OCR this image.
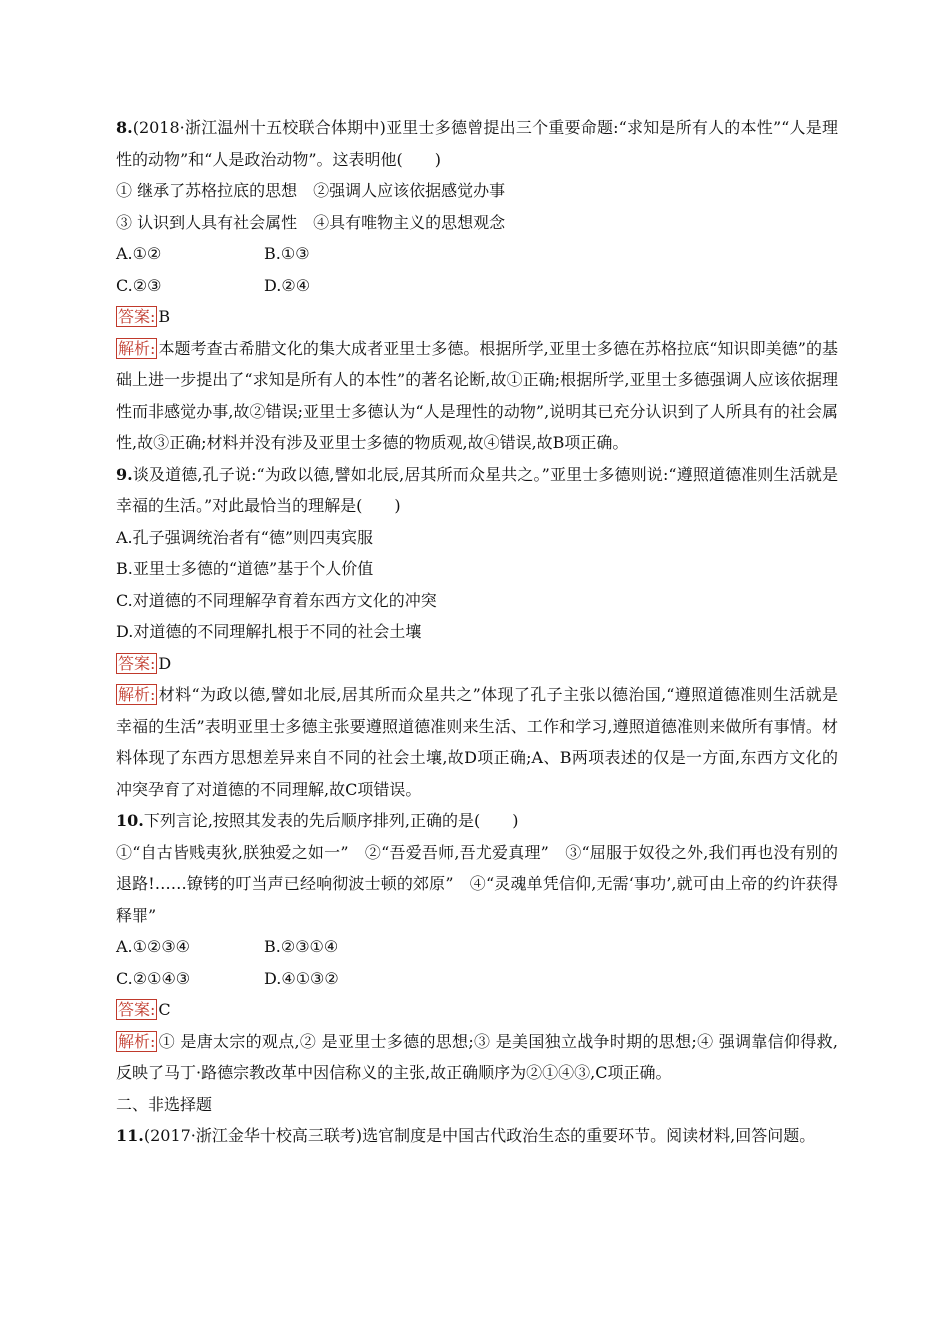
8.(2018·浙江温州十五校联合体期中)亚里士多德曾提出三个重要命题:“求知是所有人的本性”“人是理性的动物”和“人是政治动物”。这表明他(　　)
① 继承了苏格拉底的思想　②强调人应该依据感觉办事
③ 认识到人具有社会属性　④具有唯物主义的思想观念
A.①②	B.①③
C.②③	D.②④
答案: B
解析: 本题考查古希腊文化的集大成者亚里士多德。根据所学,亚里士多德在苏格拉底“知识即美德”的基础上进一步提出了“求知是所有人的本性”的著名论断,故①正确;根据所学,亚里士多德强调人应该依据理性而非感觉办事,故②错误;亚里士多德认为“人是理性的动物”,说明其已充分认识到了人所具有的社会属性,故③正确;材料并没有涉及亚里士多德的物质观,故④错误,故B项正确。
9.谈及道德,孔子说:“为政以德,譬如北辰,居其所而众星共之。”亚里士多德则说:“遵照道德准则生活就是幸福的生活。”对此最恰当的理解是(　　)
A.孔子强调统治者有“德”则四夷宾服
B.亚里士多德的“道德”基于个人价值
C.对道德的不同理解孕育着东西方文化的冲突
D.对道德的不同理解扎根于不同的社会土壤
答案: D
解析: 材料“为政以德,譬如北辰,居其所而众星共之”体现了孔子主张以德治国,“遵照道德准则生活就是幸福的生活”表明亚里士多德主张要遵照道德准则来生活、工作和学习,遵照道德准则来做所有事情。材料体现了东西方思想差异来自不同的社会土壤,故D项正确;A、B两项表述的仅是一方面,东西方文化的冲突孕育了对道德的不同理解,故C项错误。
10.下列言论,按照其发表的先后顺序排列,正确的是(　　)
①“自古皆贱夷狄,朕独爱之如一”　②“吾爱吾师,吾尤爱真理”　③“屈服于奴役之外,我们再也没有别的退路!……镣铐的叮当声已经响彻波士顿的郊原”　④“灵魂单凭信仰,无需‘事功’,就可由上帝的约许获得释罪”
A.①②③④	B.②③①④
C.②①④③	D.④①③②
答案: C
解析: ① 是唐太宗的观点,② 是亚里士多德的思想;③ 是美国独立战争时期的思想;④ 强调靠信仰得救,反映了马丁·路德宗教改革中因信称义的主张,故正确顺序为②①④③,C项正确。
二、非选择题
11.(2017·浙江金华十校高三联考)选官制度是中国古代政治生态的重要环节。阅读材料,回答问题。
